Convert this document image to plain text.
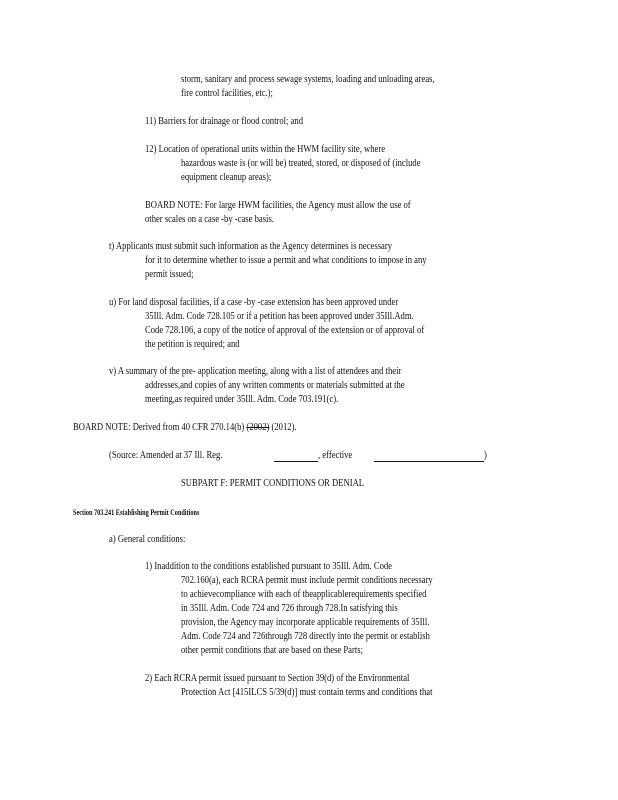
storm, sanitary and process sewage systems, loading and unloading areas,

fire control facilities, etc.);

11) Barriers for drainage or flood control; and

12) Location of operational units within the HWM facility site, where

hazardous waste is (or will be) treated, stored, or disposed of (include

equipment cleanup areas);

BOARD NOTE: For large HWM facilities, the Agency must allow the use of

other scales on a case -by -case basis.

t) Applicants must submit such information as the Agency determines is necessary

for it to determine whether to issue a permit and what conditions to impose in any

permit issued;

u) For land disposal facilities, if a case -by -case extension has been approved under

35Ill. Adm. Code 728.105 or if a petition has been approved under 35Ill.Adm.

Code 728.106, a copy of the notice of approval of the extension or of approval of

the petition is required; and

v) A summary of the pre- application meeting, along with a list of attendees and their

addresses,and copies of any written comments or materials submitted at the

meeting,as required under 35Ill. Adm. Code 703.191(c).

BOARD NOTE: Derived from 40 CFR 270.14(b) (2002) (2012).

(Source: Amended at 37 Ill. Reg.	, effective	)

SUBPART F: PERMIT CONDITIONS OR DENIAL

Section 703.241 Establishing Permit Conditions

a) General conditions:

1) Inaddition to the conditions established pursuant to 35Ill. Adm. Code

702.160(a), each RCRA permit must include permit conditions necessary

to achievecompliance with each of theapplicablerequirements specified

in 35Ill. Adm. Code 724 and 726 through 728.In satisfying this

provision, the Agency may incorporate applicable requirements of 35Ill.

Adm. Code 724 and 726through 728 directly into the permit or establish

other permit conditions that are based on these Parts;

2) Each RCRA permit issued pursuant to Section 39(d) of the Environmental

Protection Act [415ILCS 5/39(d)] must contain terms and conditions that
